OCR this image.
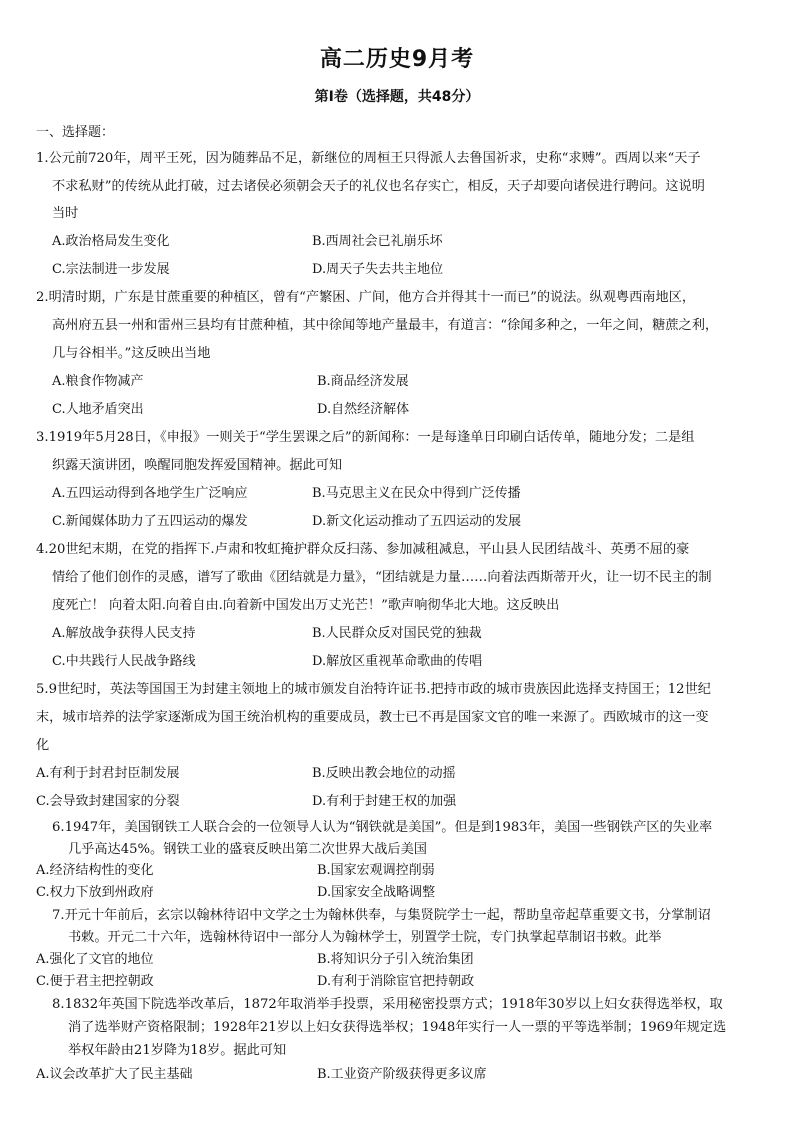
高二历史9月考
第Ⅰ卷（选择题，共48分）
一、选择题：
1.公元前720年，周平王死，因为随葬品不足，新继位的周桓王只得派人去鲁国祈求，史称“求赙”。西周以来“天子
不求私财”的传统从此打破，过去诸侯必须朝会天子的礼仪也名存实亡，相反，天子却要向诸侯进行聘问。这说明
当时
A.政治格局发生变化	B.西周社会已礼崩乐坏
C.宗法制进一步发展	D.周天子失去共主地位
2.明清时期，广东是甘蔗重要的种植区，曾有“产繁困、广间，他方合并得其十一而已”的说法。纵观粤西南地区，
高州府五县一州和雷州三县均有甘蔗种植，其中徐闻等地产量最丰，有道言：“徐闻多种之，一年之间，糖蔗之利，
几与谷相半。”这反映出当地
A.粮食作物减产	B.商品经济发展
C.人地矛盾突出	D.自然经济解体
3.1919年5月28日，《申报》一则关于“学生罢课之后”的新闻称：一是每逢单日印刷白话传单，随地分发；二是组
织露天演讲团，唤醒同胞发挥爱国精神。据此可知
A.五四运动得到各地学生广泛响应	B.马克思主义在民众中得到广泛传播
C.新闻媒体助力了五四运动的爆发	D.新文化运动推动了五四运动的发展
4.20世纪末期，在党的指挥下.卢肃和牧虹掩护群众反扫荡、参加减租减息，平山县人民团结战斗、英勇不屈的豪
情给了他们创作的灵感，谱写了歌曲《团结就是力量》，“团结就是力量……向着法西斯蒂开火，让一切不民主的制
度死亡！ 向着太阳.向着自由.向着新中国发出万丈光芒！”歌声响彻华北大地。这反映出
A.解放战争获得人民支持	B.人民群众反对国民党的独裁
C.中共践行人民战争路线	D.解放区重视革命歌曲的传唱
5.9世纪时，英法等国国王为封建主领地上的城市颁发自治特许证书.把持市政的城市贵族因此选择支持国王；12世纪
末，城市培养的法学家逐渐成为国王统治机构的重要成员，教士已不再是国家文官的唯一来源了。西欧城市的这一变
化
A.有利于封君封臣制发展	B.反映出教会地位的动摇
C.会导致封建国家的分裂	D.有利于封建王权的加强
6.1947年，美国钢铁工人联合会的一位领导人认为“钢铁就是美国”。但是到1983年，美国一些钢铁产区的失业率
几乎高达45%。钢铁工业的盛衰反映出第二次世界大战后美国
A.经济结构性的变化	B.国家宏观调控削弱
C.权力下放到州政府	D.国家安全战略调整
7.开元十年前后，玄宗以翰林待诏中文学之士为翰林供奉，与集贤院学士一起，帮助皇帝起草重要文书，分掌制诏
书敕。开元二十六年，选翰林待诏中一部分人为翰林学士，别置学士院，专门执掌起草制诏书敕。此举
A.强化了文官的地位	B.将知识分子引入统治集团
C.便于君主把控朝政	D.有利于消除宦官把持朝政
8.1832年英国下院选举改革后，1872年取消举手投票，采用秘密投票方式；1918年30岁以上妇女获得选举权，取
消了选举财产资格限制；1928年21岁以上妇女获得选举权；1948年实行一人一票的平等选举制；1969年规定选
举权年龄由21岁降为18岁。据此可知
A.议会改革扩大了民主基础	B.工业资产阶级获得更多议席
